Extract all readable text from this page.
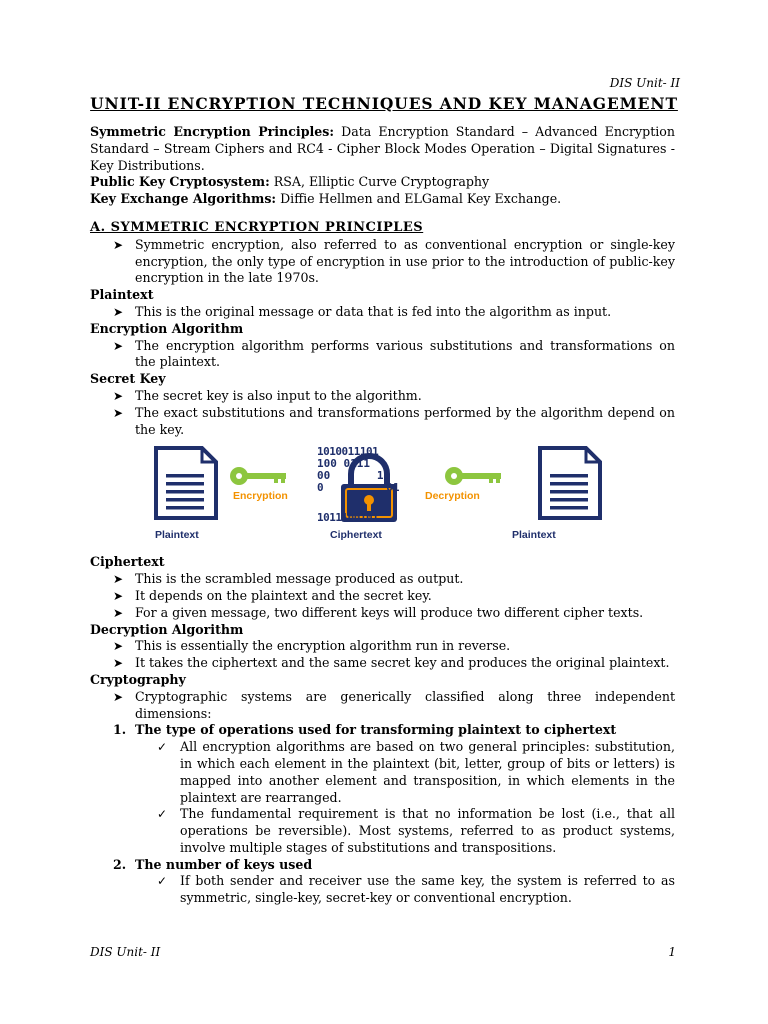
DIS Unit- II
UNIT-II ENCRYPTION TECHNIQUES AND KEY MANAGEMENT

Symmetric Encryption Principles: Data Encryption Standard – Advanced Encryption Standard – Stream Ciphers and RC4 - Cipher Block Modes Operation – Digital Signatures - Key Distributions.

Public Key Cryptosystem: RSA, Elliptic Curve Cryptography

Key Exchange Algorithms: Diffie Hellmen and ELGamal Key Exchange.

A. SYMMETRIC ENCRYPTION PRINCIPLES

➤ Symmetric encryption, also referred to as conventional encryption or single-key encryption, the only type of encryption in use prior to the introduction of public-key encryption in the late 1970s.

Plaintext

➤ This is the original message or data that is fed into the algorithm as input.

Encryption Algorithm

➤ The encryption algorithm performs various substitutions and transformations on the plaintext.

Secret Key

➤ The secret key is also input to the algorithm.

➤ The exact substitutions and transformations performed by the algorithm depend on the key.

1010011101
100 0111
00 10
0 01
1011100101
Encryption	Decryption
Plaintext	Ciphertext	Plaintext

Ciphertext

➤ This is the scrambled message produced as output.

➤ It depends on the plaintext and the secret key.

➤ For a given message, two different keys will produce two different cipher texts.

Decryption Algorithm

➤ This is essentially the encryption algorithm run in reverse.

➤ It takes the ciphertext and the same secret key and produces the original plaintext.

Cryptography

➤ Cryptographic systems are generically classified along three independent dimensions:

1. The type of operations used for transforming plaintext to ciphertext

✓ All encryption algorithms are based on two general principles: substitution, in which each element in the plaintext (bit, letter, group of bits or letters) is mapped into another element and transposition, in which elements in the plaintext are rearranged.

✓ The fundamental requirement is that no information be lost (i.e., that all operations be reversible). Most systems, referred to as product systems, involve multiple stages of substitutions and transpositions.

2. The number of keys used

✓ If both sender and receiver use the same key, the system is referred to as symmetric, single-key, secret-key or conventional encryption.

DIS Unit- II	1
